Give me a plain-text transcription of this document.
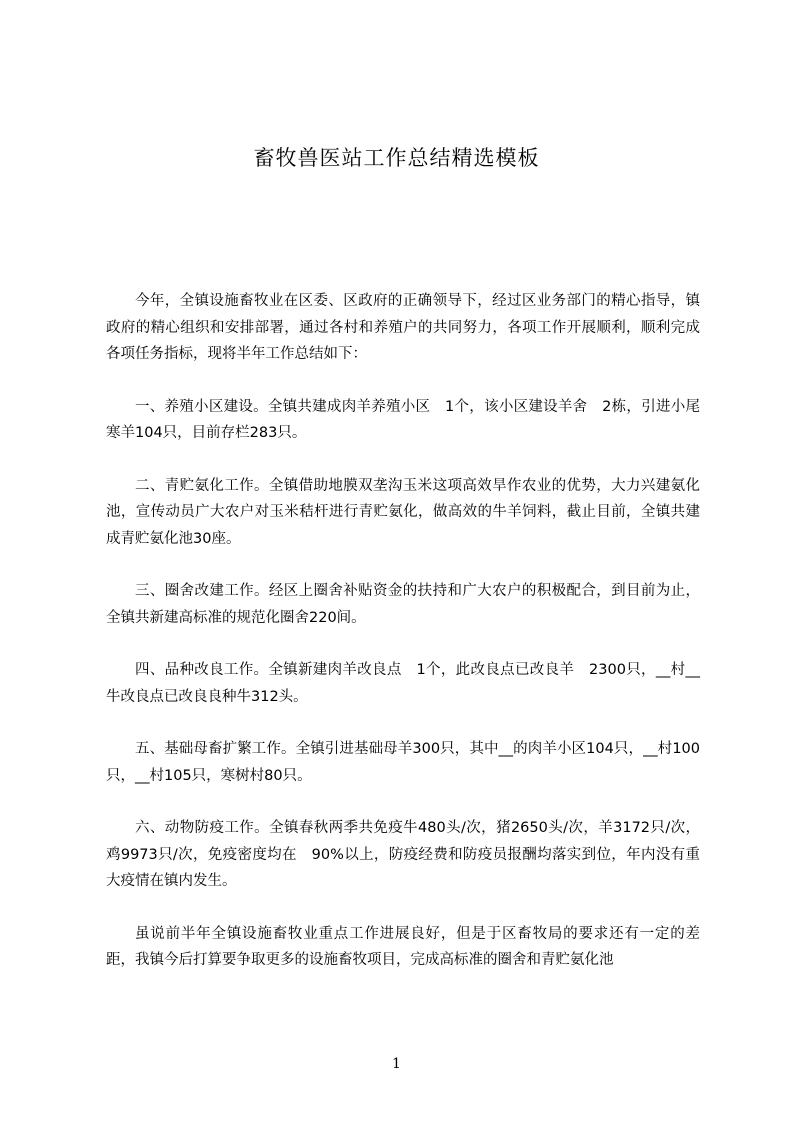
畜牧兽医站工作总结精选模板

今年，全镇设施畜牧业在区委、区政府的正确领导下，经过区业务部门的精心指导，镇政府的精心组织和安排部署，通过各村和养殖户的共同努力，各项工作开展顺利，顺利完成各项任务指标，现将半年工作总结如下：

一、养殖小区建设。全镇共建成肉羊养殖小区　1个，该小区建设羊舍　2栋，引进小尾寒羊104只，目前存栏283只。

二、青贮氨化工作。全镇借助地膜双垄沟玉米这项高效旱作农业的优势，大力兴建氨化池，宣传动员广大农户对玉米秸杆进行青贮氨化，做高效的牛羊饲料，截止目前，全镇共建成青贮氨化池30座。

三、圈舍改建工作。经区上圈舍补贴资金的扶持和广大农户的积极配合，到目前为止，全镇共新建高标准的规范化圈舍220间。

四、品种改良工作。全镇新建肉羊改良点　1个，此改良点已改良羊　2300只，__村__牛改良点已改良良种牛312头。

五、基础母畜扩繁工作。全镇引进基础母羊300只，其中__的肉羊小区104只，__村100只，__村105只，寒树村80只。

六、动物防疫工作。全镇春秋两季共免疫牛480头/次，猪2650头/次，羊3172只/次，鸡9973只/次，免疫密度均在　90%以上，防疫经费和防疫员报酬均落实到位，年内没有重大疫情在镇内发生。

虽说前半年全镇设施畜牧业重点工作进展良好，但是于区畜牧局的要求还有一定的差距，我镇今后打算要争取更多的设施畜牧项目，完成高标准的圈舍和青贮氨化池

1
